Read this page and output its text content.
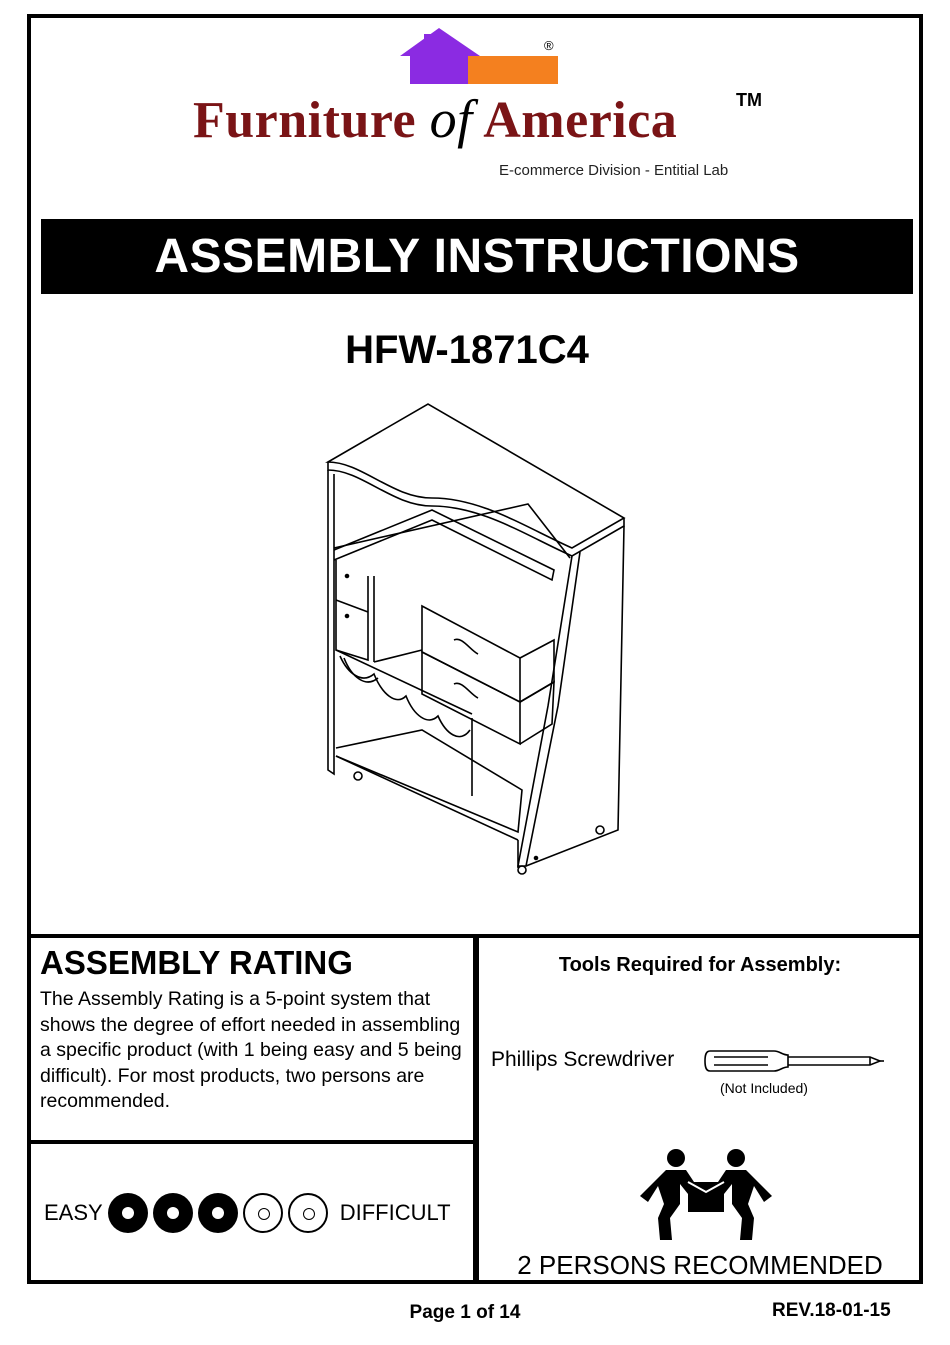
®
Furniture of America	TM
E-commerce Division - Entitial Lab
ASSEMBLY INSTRUCTIONS
HFW-1871C4
ASSEMBLY RATING
The Assembly Rating is a 5-point system that shows the degree of effort needed in assembling a specific product (with 1 being easy and 5 being difficult). For most products, two persons are recommended.
EASY	DIFFICULT
Tools Required for Assembly:
Phillips Screwdriver
(Not Included)
2 PERSONS RECOMMENDED
Page 1 of 14	REV.18-01-15
